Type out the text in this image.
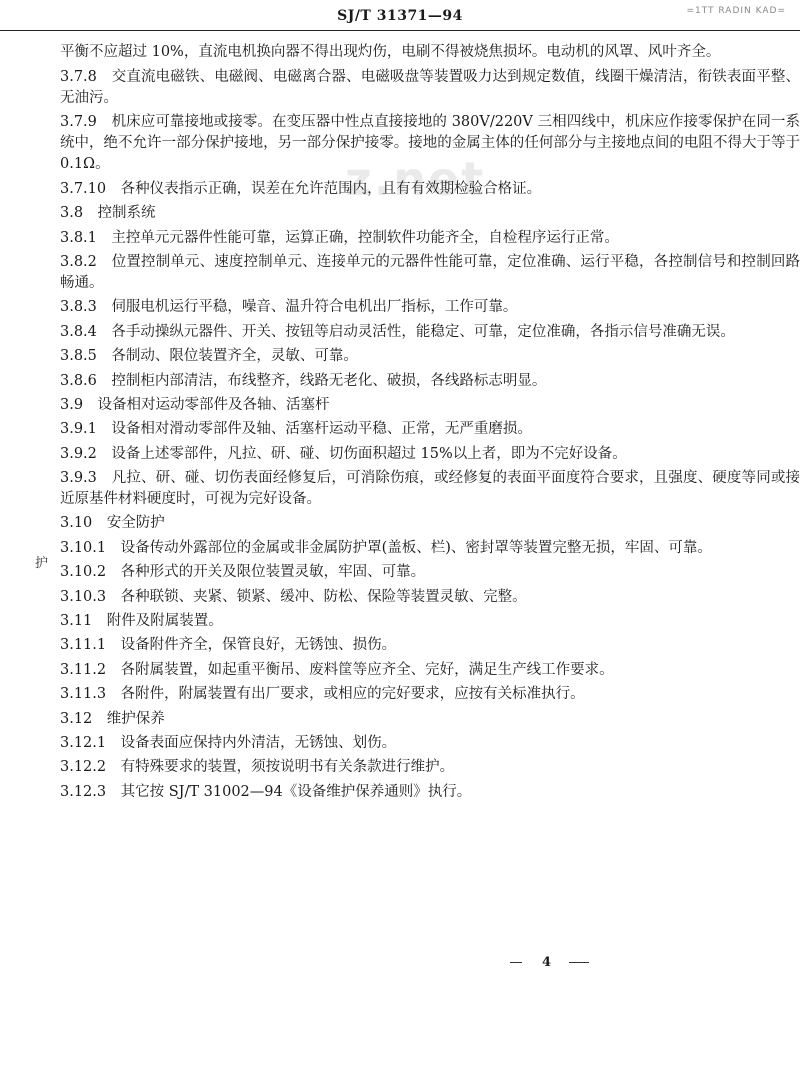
SJ/T 31371—94	=1TT RADIN KAD=
z.net
护

平衡不应超过 10%，直流电机换向器不得出现灼伤，电刷不得被烧焦损坏。电动机的风罩、风叶齐全。

3.7.8　交直流电磁铁、电磁阀、电磁离合器、电磁吸盘等装置吸力达到规定数值，线圈干燥清洁，衔铁表面平整、无油污。

3.7.9　机床应可靠接地或接零。在变压器中性点直接接地的 380V/220V 三相四线中，机床应作接零保护在同一系统中，绝不允许一部分保护接地，另一部分保护接零。接地的金属主体的任何部分与主接地点间的电阻不得大于等于 0.1Ω。

3.7.10　各种仪表指示正确，误差在允许范围内，且有有效期检验合格证。

3.8　控制系统

3.8.1　主控单元元器件性能可靠，运算正确，控制软件功能齐全，自检程序运行正常。

3.8.2　位置控制单元、速度控制单元、连接单元的元器件性能可靠，定位准确、运行平稳，各控制信号和控制回路畅通。

3.8.3　伺服电机运行平稳，噪音、温升符合电机出厂指标，工作可靠。

3.8.4　各手动操纵元器件、开关、按钮等启动灵活性，能稳定、可靠，定位准确，各指示信号准确无误。

3.8.5　各制动、限位装置齐全，灵敏、可靠。

3.8.6　控制柜内部清洁，布线整齐，线路无老化、破损，各线路标志明显。

3.9　设备相对运动零部件及各轴、活塞杆

3.9.1　设备相对滑动零部件及轴、活塞杆运动平稳、正常，无严重磨损。

3.9.2　设备上述零部件，凡拉、研、碰、切伤面积超过 15%以上者，即为不完好设备。

3.9.3　凡拉、研、碰、切伤表面经修复后，可消除伤痕，或经修复的表面平面度符合要求，且强度、硬度等同或接近原基件材料硬度时，可视为完好设备。

3.10　安全防护

3.10.1　设备传动外露部位的金属或非金属防护罩(盖板、栏)、密封罩等装置完整无损，牢固、可靠。

3.10.2　各种形式的开关及限位装置灵敏，牢固、可靠。

3.10.3　各种联锁、夹紧、锁紧、缓冲、防松、保险等装置灵敏、完整。

3.11　附件及附属装置。

3.11.1　设备附件齐全，保管良好，无锈蚀、损伤。

3.11.2　各附属装置，如起重平衡吊、废料筐等应齐全、完好，满足生产线工作要求。

3.11.3　各附件，附属装置有出厂要求，或相应的完好要求，应按有关标准执行。

3.12　维护保养

3.12.1　设备表面应保持内外清洁，无锈蚀、划伤。

3.12.2　有特殊要求的装置，须按说明书有关条款进行维护。

3.12.3　其它按 SJ/T 31002—94《设备维护保养通则》执行。

4
